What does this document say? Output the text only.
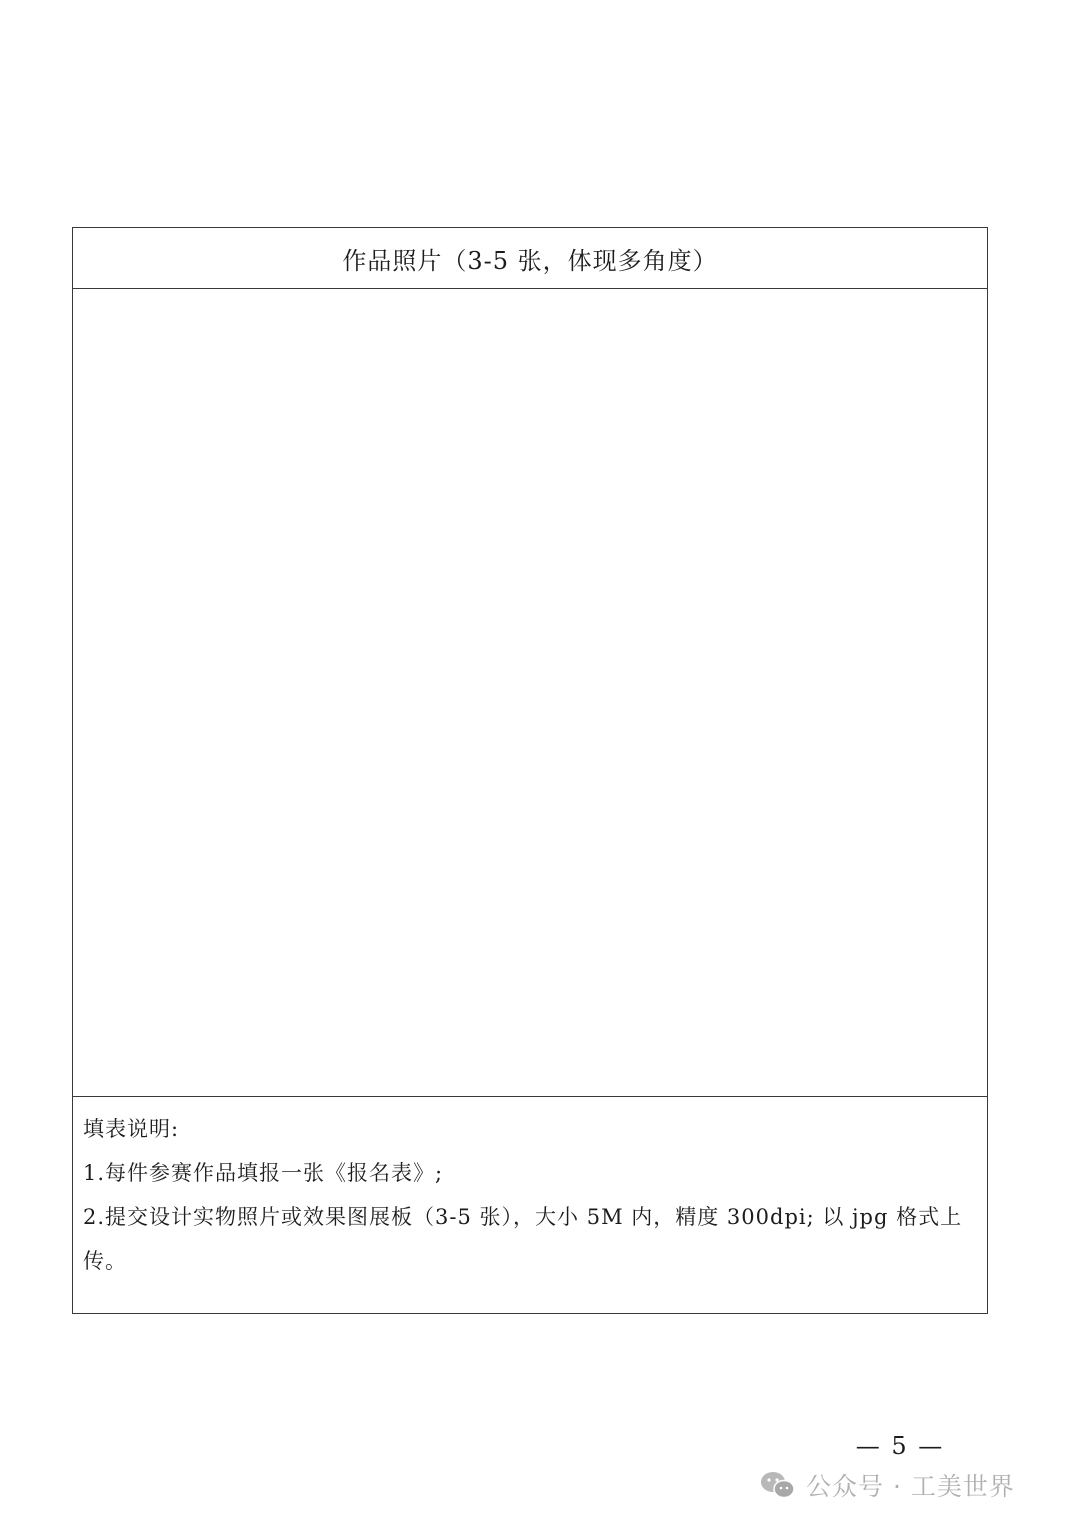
作品照片（3-5 张，体现多角度）

填表说明:

1.每件参赛作品填报一张《报名表》;

2.提交设计实物照片或效果图展板（3-5 张），大小 5M 内，精度 300dpi; 以 jpg 格式上传。

— 5 —
公众号 · 工美世界
